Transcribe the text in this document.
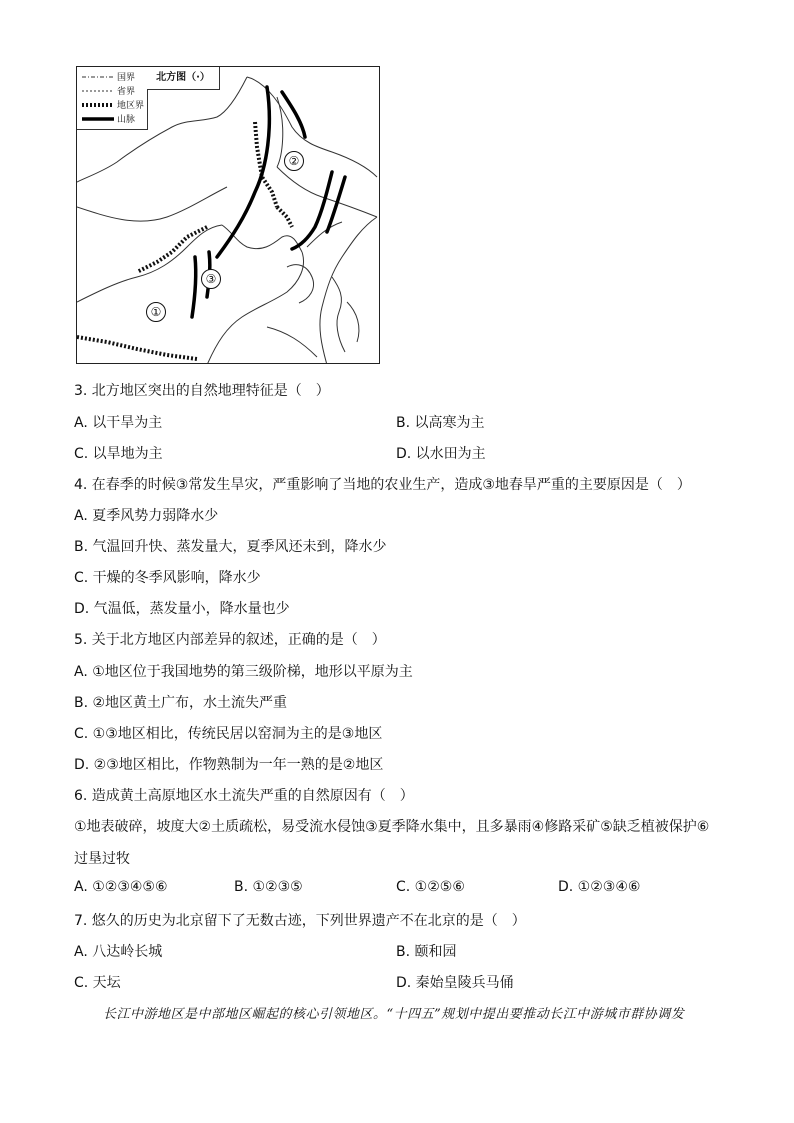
国界
省界
地区界
山脉
北方图（·）
②
③
①
3. 北方地区突出的自然地理特征是（　）
A. 以干旱为主	B. 以高寒为主
C. 以旱地为主	D. 以水田为主
4. 在春季的时候③常发生旱灾，严重影响了当地的农业生产，造成③地春旱严重的主要原因是（　）
A. 夏季风势力弱降水少
B. 气温回升快、蒸发量大，夏季风还未到，降水少
C. 干燥的冬季风影响，降水少
D. 气温低，蒸发量小，降水量也少
5. 关于北方地区内部差异的叙述，正确的是（　）
A. ①地区位于我国地势的第三级阶梯，地形以平原为主
B. ②地区黄土广布，水土流失严重
C. ①③地区相比，传统民居以窑洞为主的是③地区
D. ②③地区相比，作物熟制为一年一熟的是②地区
6. 造成黄土高原地区水土流失严重的自然原因有（　）
①地表破碎，坡度大②土质疏松，易受流水侵蚀③夏季降水集中，且多暴雨④修路采矿⑤缺乏植被保护⑥
过垦过牧
A. ①②③④⑤⑥	B. ①②③⑤	C. ①②⑤⑥	D. ①②③④⑥
7. 悠久的历史为北京留下了无数古迹，下列世界遗产不在北京的是（　）
A. 八达岭长城	B. 颐和园
C. 天坛	D. 秦始皇陵兵马俑
长江中游地区是中部地区崛起的核心引领地区。“十四五”规划中提出要推动长江中游城市群协调发
